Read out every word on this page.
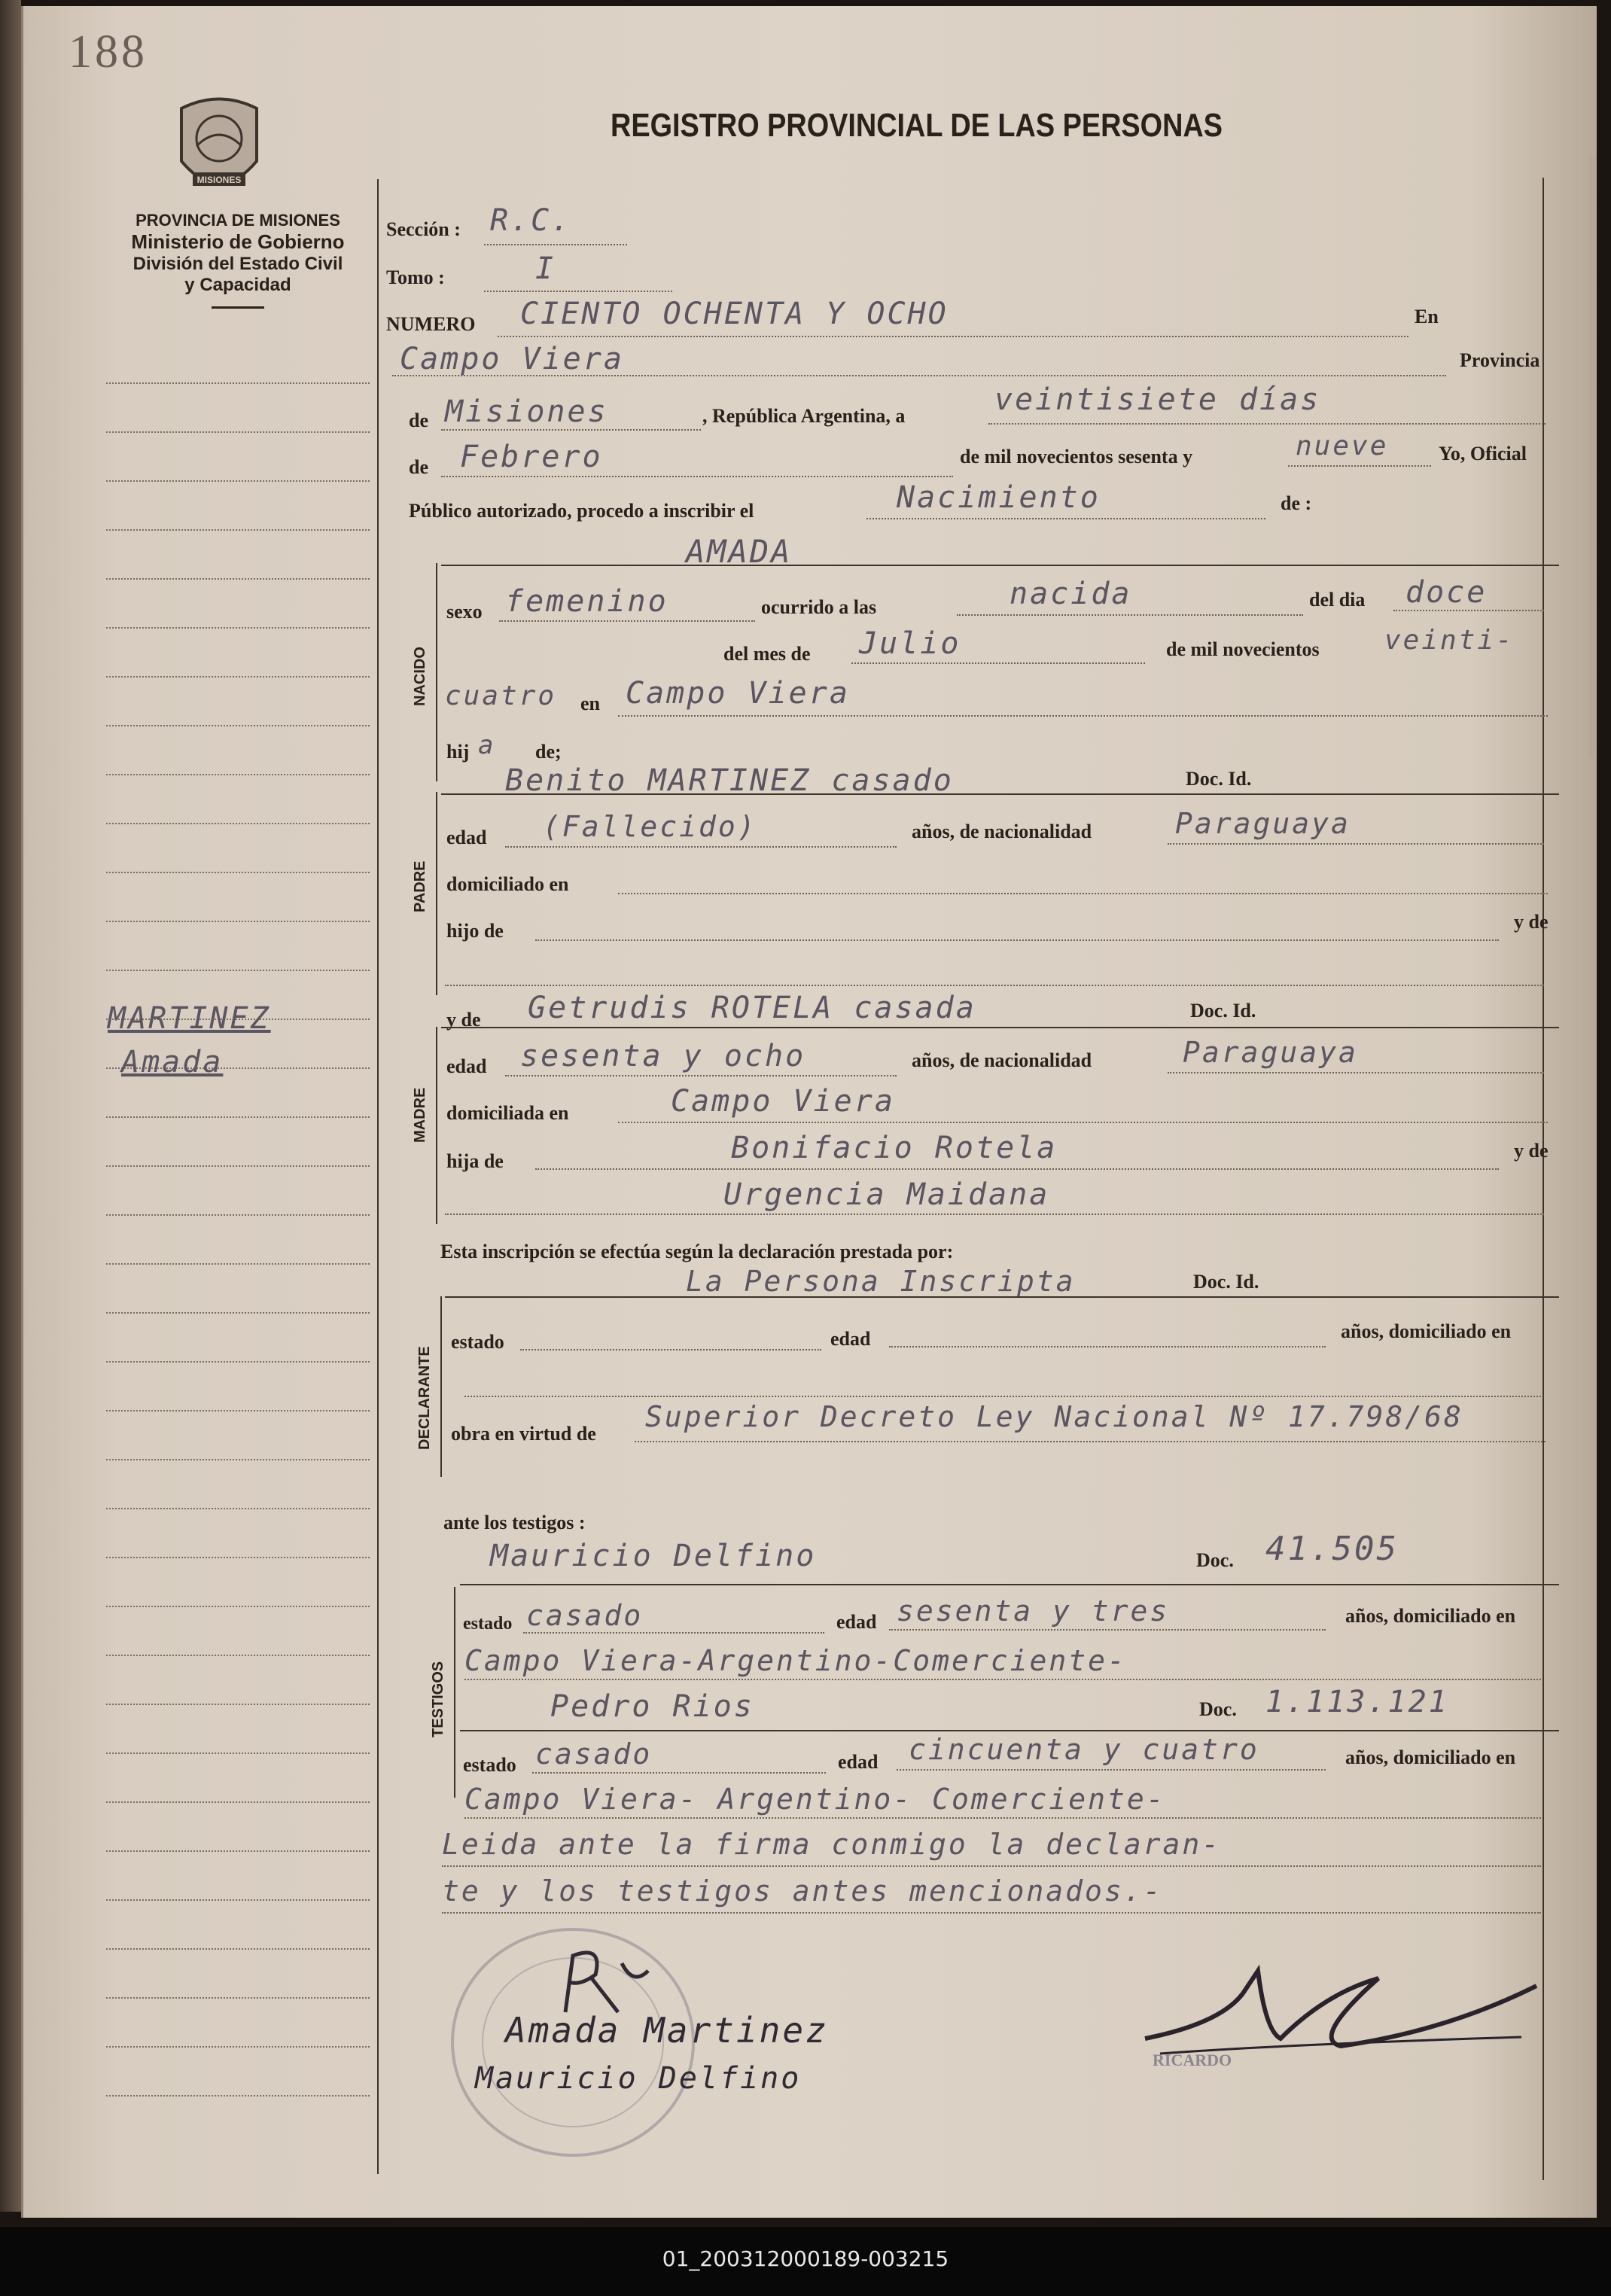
188
MISIONES
PROVINCIA DE MISIONES
Ministerio de Gobierno
División del Estado Civil
y Capacidad
REGISTRO PROVINCIAL DE LAS PERSONAS
MARTINEZ
Amada
Sección : R.C.
Tomo :	I
NUMERO CIENTO OCHENTA Y OCHO	En
Campo Viera	Provincia
de Misiones	, República Argentina, a	veintisiete días
de Febrero	de mil novecientos sesenta y	nueve	Yo, Oficial
Público autorizado, procedo a inscribir el	Nacimiento	de :
NACIDO
AMADA
sexo femenino	ocurrido a las	nacida	del dia doce
del mes de Julio	de mil novecientos veinti-
cuatro en Campo Viera
hij a de;
PADRE
Benito MARTINEZ casado	Doc. Id.
edad (Fallecido)	años, de nacionalidad	Paraguaya
domiciliado en
hijo de	y de
MADRE
y de Getrudis ROTELA casada	Doc. Id.
edad sesenta y ocho	años, de nacionalidad	Paraguaya
domiciliada en	Campo Viera
hija de	Bonifacio Rotela	y de
Urgencia Maidana
Esta inscripción se efectúa según la declaración prestada por:
DECLARANTE
La Persona Inscripta	Doc. Id.
estado	edad	años, domiciliado en
obra en virtud de
Superior Decreto Ley Nacional Nº 17.798/68
ante los testigos :
TESTIGOS
Mauricio Delfino	Doc. 41.505
estado casado	edad sesenta y tres	años, domiciliado en
Campo Viera-Argentino-Comerciente-
Pedro Rios	Doc. 1.113.121
estado casado	edad cincuenta y cuatro	años, domiciliado en
Campo Viera- Argentino- Comerciente-
Leida ante la firma conmigo la declaran-
te y los testigos antes mencionados.-
Amada Martinez
Mauricio Delfino
RICARDO
01_200312000189-003215
